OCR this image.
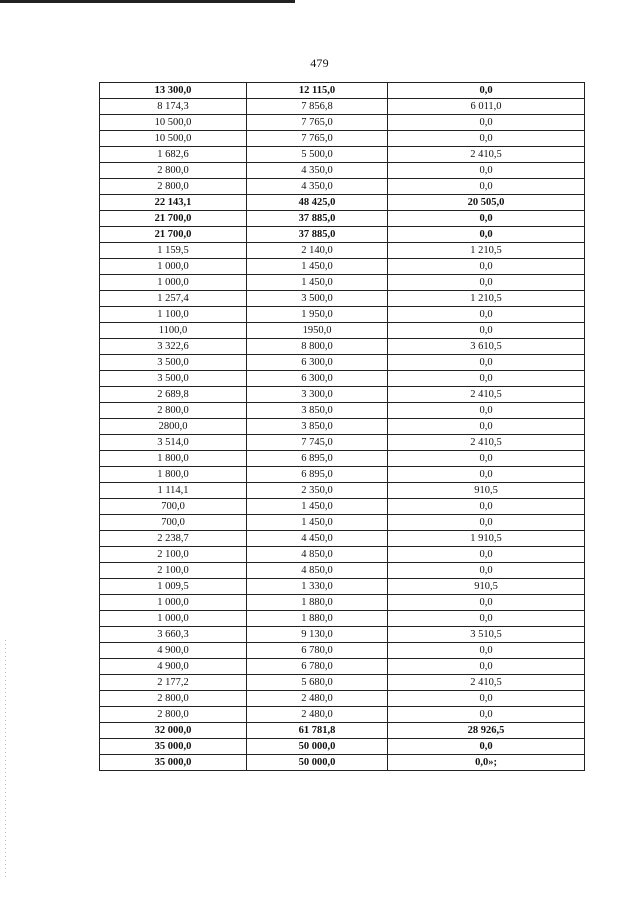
479
13 300,0	12 115,0	0,0
8 174,3	7 856,8	6 011,0
10 500,0	7 765,0	0,0
10 500,0	7 765,0	0,0
1 682,6	5 500,0	2 410,5
2 800,0	4 350,0	0,0
2 800,0	4 350,0	0,0
22 143,1	48 425,0	20 505,0
21 700,0	37 885,0	0,0
21 700,0	37 885,0	0,0
1 159,5	2 140,0	1 210,5
1 000,0	1 450,0	0,0
1 000,0	1 450,0	0,0
1 257,4	3 500,0	1 210,5
1 100,0	1 950,0	0,0
1100,0	1950,0	0,0
3 322,6	8 800,0	3 610,5
3 500,0	6 300,0	0,0
3 500,0	6 300,0	0,0
2 689,8	3 300,0	2 410,5
2 800,0	3 850,0	0,0
2800,0	3 850,0	0,0
3 514,0	7 745,0	2 410,5
1 800,0	6 895,0	0,0
1 800,0	6 895,0	0,0
1 114,1	2 350,0	910,5
700,0	1 450,0	0,0
700,0	1 450,0	0,0
2 238,7	4 450,0	1 910,5
2 100,0	4 850,0	0,0
2 100,0	4 850,0	0,0
1 009,5	1 330,0	910,5
1 000,0	1 880,0	0,0
1 000,0	1 880,0	0,0
3 660,3	9 130,0	3 510,5
4 900,0	6 780,0	0,0
4 900,0	6 780,0	0,0
2 177,2	5 680,0	2 410,5
2 800,0	2 480,0	0,0
2 800,0	2 480,0	0,0
32 000,0	61 781,8	28 926,5
35 000,0	50 000,0	0,0
35 000,0	50 000,0	0,0»;
